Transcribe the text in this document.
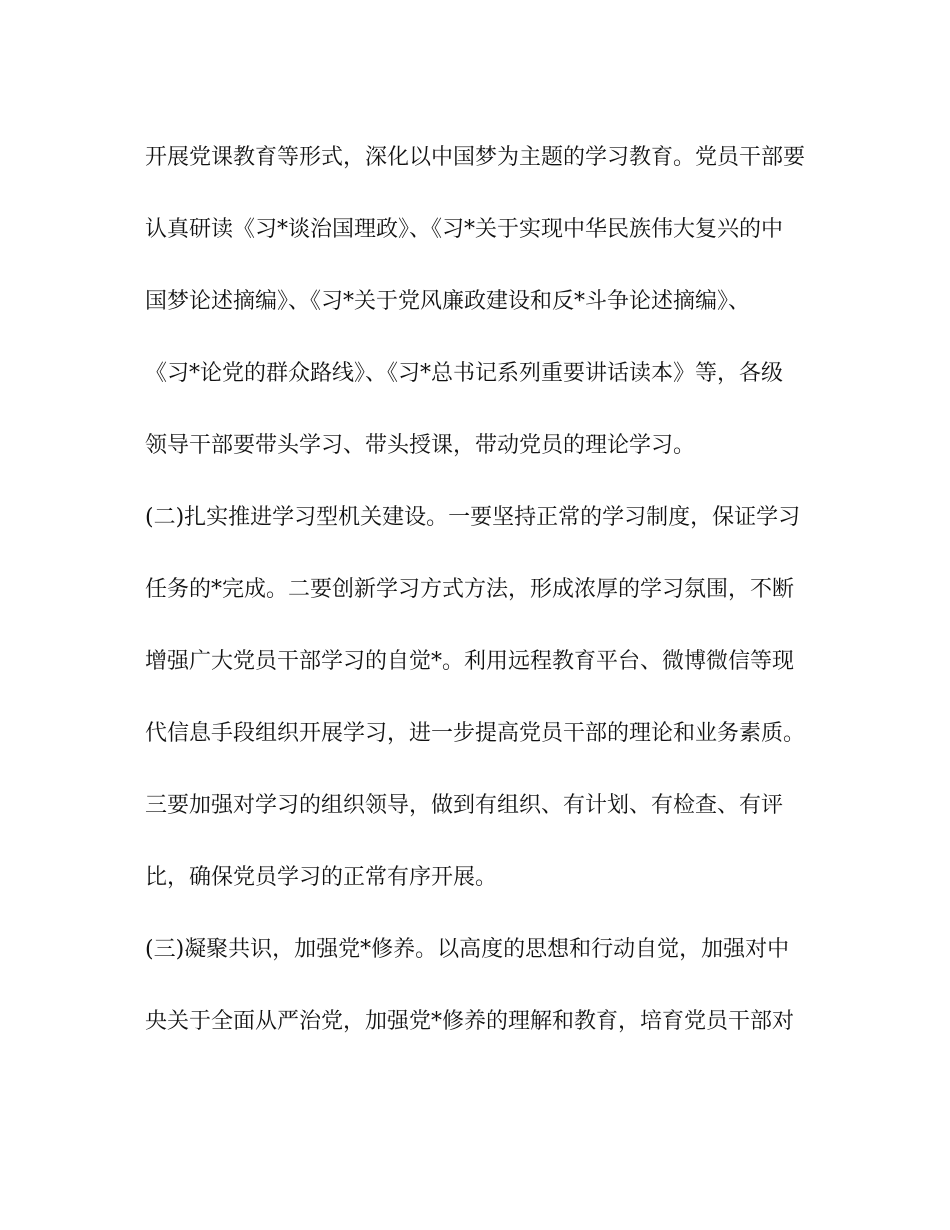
开展党课教育等形式，深化以中国梦为主题的学习教育。党员干部要

认真研读《习*谈治国理政》、《习*关于实现中华民族伟大复兴的中

国梦论述摘编》、《习*关于党风廉政建设和反*斗争论述摘编》、

《习*论党的群众路线》、《习*总书记系列重要讲话读本》等，各级

领导干部要带头学习、带头授课，带动党员的理论学习。

(二)扎实推进学习型机关建设。一要坚持正常的学习制度，保证学习

任务的*完成。二要创新学习方式方法，形成浓厚的学习氛围，不断

增强广大党员干部学习的自觉*。利用远程教育平台、微博微信等现

代信息手段组织开展学习，进一步提高党员干部的理论和业务素质。

三要加强对学习的组织领导，做到有组织、有计划、有检查、有评

比，确保党员学习的正常有序开展。

(三)凝聚共识，加强党*修养。以高度的思想和行动自觉，加强对中

央关于全面从严治党，加强党*修养的理解和教育，培育党员干部对
